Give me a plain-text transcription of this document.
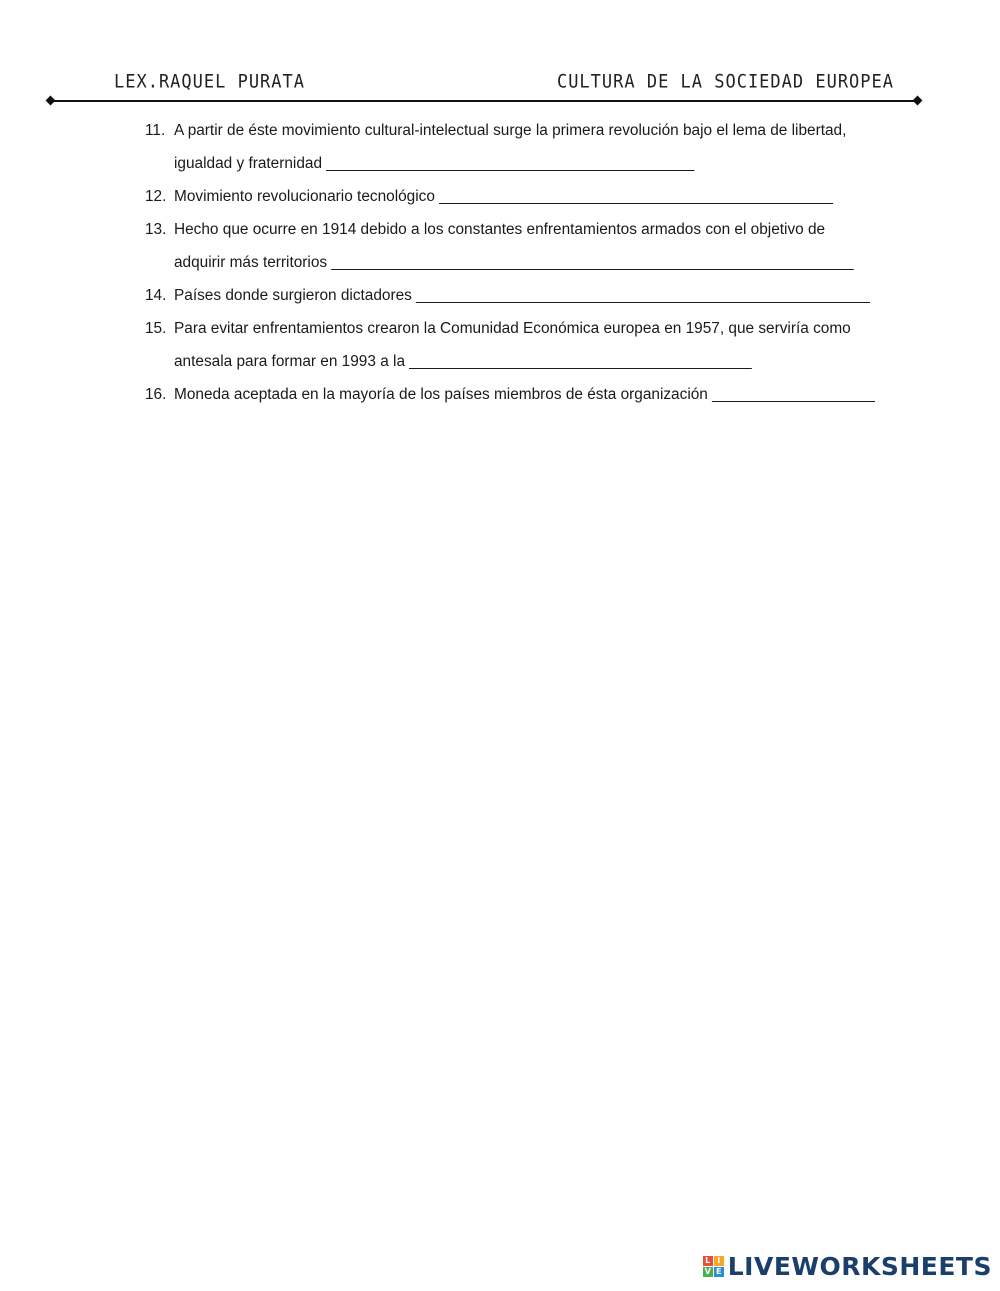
LEX.RAQUEL PURATA	CULTURA DE LA SOCIEDAD EUROPEA
11. A partir de éste movimiento cultural-intelectual surge la primera revolución bajo el lema de libertad,
igualdad y fraternidad ___________________________________________
12. Movimiento revolucionario tecnológico ______________________________________________
13. Hecho que ocurre en 1914 debido a los constantes enfrentamientos armados con el objetivo de
adquirir más territorios _____________________________________________________________
14. Países donde surgieron dictadores _____________________________________________________
15. Para evitar enfrentamientos crearon la Comunidad Económica europea en 1957, que serviría como
antesala para formar en 1993 a la ________________________________________
16. Moneda aceptada en la mayoría de los países miembros de ésta organización ___________________
L I
V E LIVEWORKSHEETS
